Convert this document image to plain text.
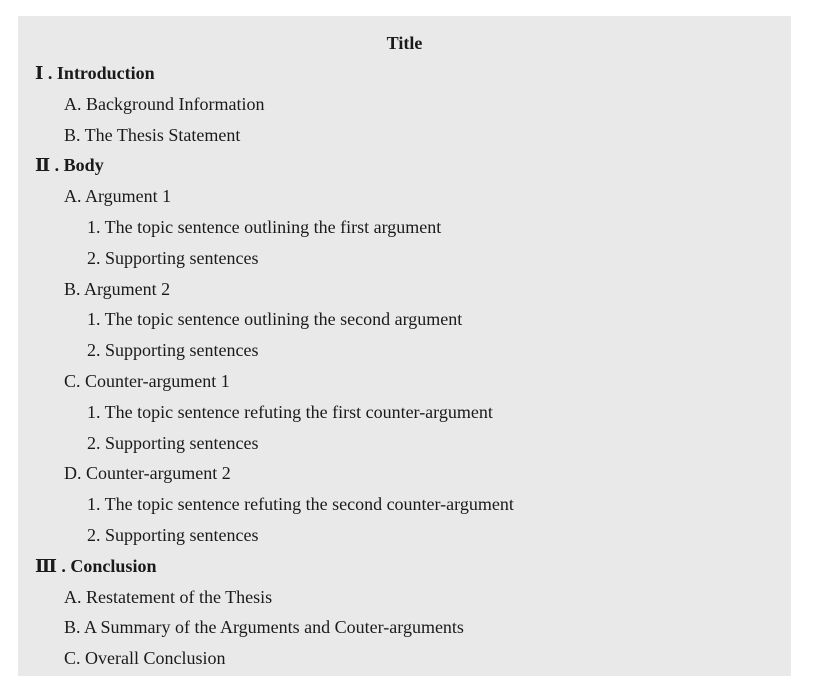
Title
Ⅰ . Introduction
A. Background Information
B. The Thesis Statement
Ⅱ . Body
A. Argument 1
1. The topic sentence outlining the first argument
2. Supporting sentences
B. Argument 2
1. The topic sentence outlining the second argument
2. Supporting sentences
C. Counter-argument 1
1. The topic sentence refuting the first counter-argument
2. Supporting sentences
D. Counter-argument 2
1. The topic sentence refuting the second counter-argument
2. Supporting sentences
Ⅲ . Conclusion
A. Restatement of the Thesis
B. A Summary of the Arguments and Couter-arguments
C. Overall Conclusion
